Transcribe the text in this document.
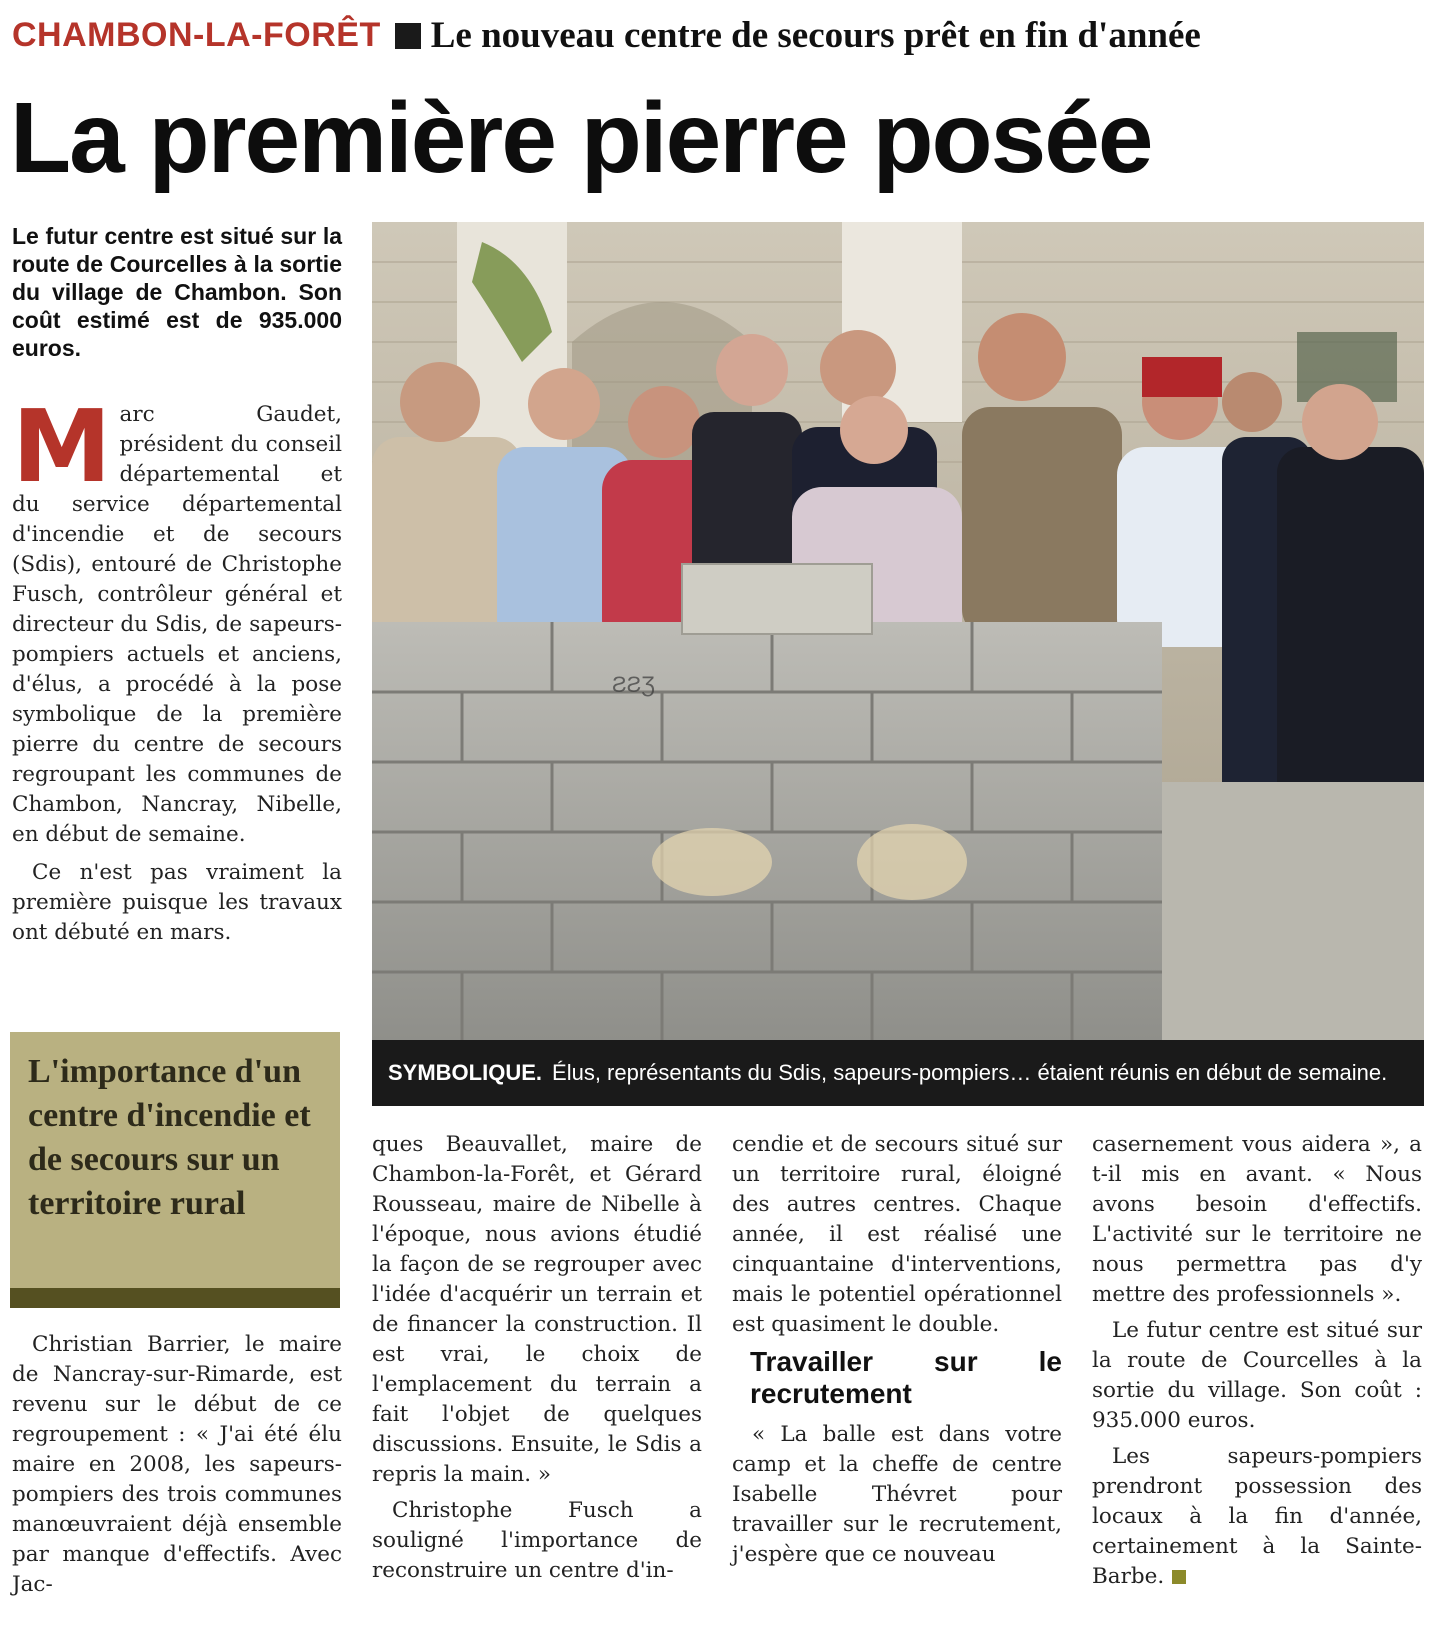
CHAMBON-LA-FORÊT Le nouveau centre de secours prêt en fin d'année
La première pierre posée
Le futur centre est situé sur la route de Courcelles à la sortie du village de Chambon. Son coût estimé est de 935.000 euros.

Marc Gaudet, président du conseil départemental et du service départemental d'incendie et de secours (Sdis), entouré de Christophe Fusch, contrôleur général et directeur du Sdis, de sapeurs-pompiers actuels et anciens, d'élus, a procédé à la pose symbolique de la première pierre du centre de secours regroupant les communes de Chambon, Nancray, Nibelle, en début de semaine.

Ce n'est pas vraiment la première puisque les travaux ont débuté en mars.

L'importance d'un centre d'incendie et de secours sur un territoire rural
ƧƧƷ
SYMBOLIQUE. Élus, représentants du Sdis, sapeurs-pompiers… étaient réunis en début de semaine.

Christian Barrier, le maire de Nancray-sur-Rimarde, est revenu sur le début de ce regroupement : « J'ai été élu maire en 2008, les sapeurs-pompiers des trois communes manœuvraient déjà ensemble par manque d'effectifs. Avec Jac-

ques Beauvallet, maire de Chambon-la-Forêt, et Gérard Rousseau, maire de Nibelle à l'époque, nous avions étudié la façon de se regrouper avec l'idée d'acquérir un terrain et de financer la construction. Il est vrai, le choix de l'emplacement du terrain a fait l'objet de quelques discussions. Ensuite, le Sdis a repris la main. »

Christophe Fusch a souligné l'importance de reconstruire un centre d'in-

cendie et de secours situé sur un territoire rural, éloigné des autres centres. Chaque année, il est réalisé une cinquantaine d'interventions, mais le potentiel opérationnel est quasiment le double.

Travailler sur le recrutement

« La balle est dans votre camp et la cheffe de centre Isabelle Thévret pour travailler sur le recrutement, j'espère que ce nouveau

casernement vous aidera », a t-il mis en avant. « Nous avons besoin d'effectifs. L'activité sur le territoire ne nous permettra pas d'y mettre des professionnels ».

Le futur centre est situé sur la route de Courcelles à la sortie du village. Son coût : 935.000 euros.

Les sapeurs-pompiers prendront possession des locaux à la fin d'année, certainement à la Sainte-Barbe.
